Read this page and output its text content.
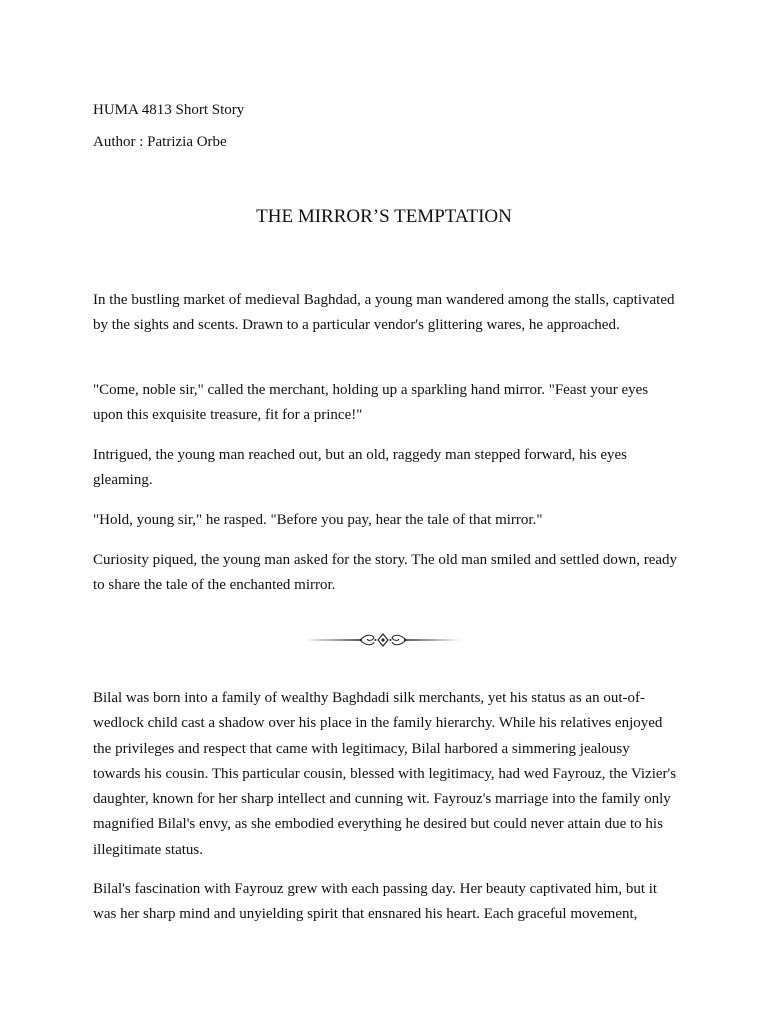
HUMA 4813 Short Story

Author : Patrizia Orbe

THE MIRROR’S TEMPTATION

In the bustling market of medieval Baghdad, a young man wandered among the stalls, captivated by the sights and scents. Drawn to a particular vendor's glittering wares, he approached.

"Come, noble sir," called the merchant, holding up a sparkling hand mirror. "Feast your eyes upon this exquisite treasure, fit for a prince!"

Intrigued, the young man reached out, but an old, raggedy man stepped forward, his eyes gleaming.

"Hold, young sir," he rasped. "Before you pay, hear the tale of that mirror."

Curiosity piqued, the young man asked for the story. The old man smiled and settled down, ready to share the tale of the enchanted mirror.

Bilal was born into a family of wealthy Baghdadi silk merchants, yet his status as an out-of-wedlock child cast a shadow over his place in the family hierarchy. While his relatives enjoyed the privileges and respect that came with legitimacy, Bilal harbored a simmering jealousy towards his cousin. This particular cousin, blessed with legitimacy, had wed Fayrouz, the Vizier's daughter, known for her sharp intellect and cunning wit. Fayrouz's marriage into the family only magnified Bilal's envy, as she embodied everything he desired but could never attain due to his illegitimate status.

Bilal's fascination with Fayrouz grew with each passing day. Her beauty captivated him, but it was her sharp mind and unyielding spirit that ensnared his heart. Each graceful movement,
